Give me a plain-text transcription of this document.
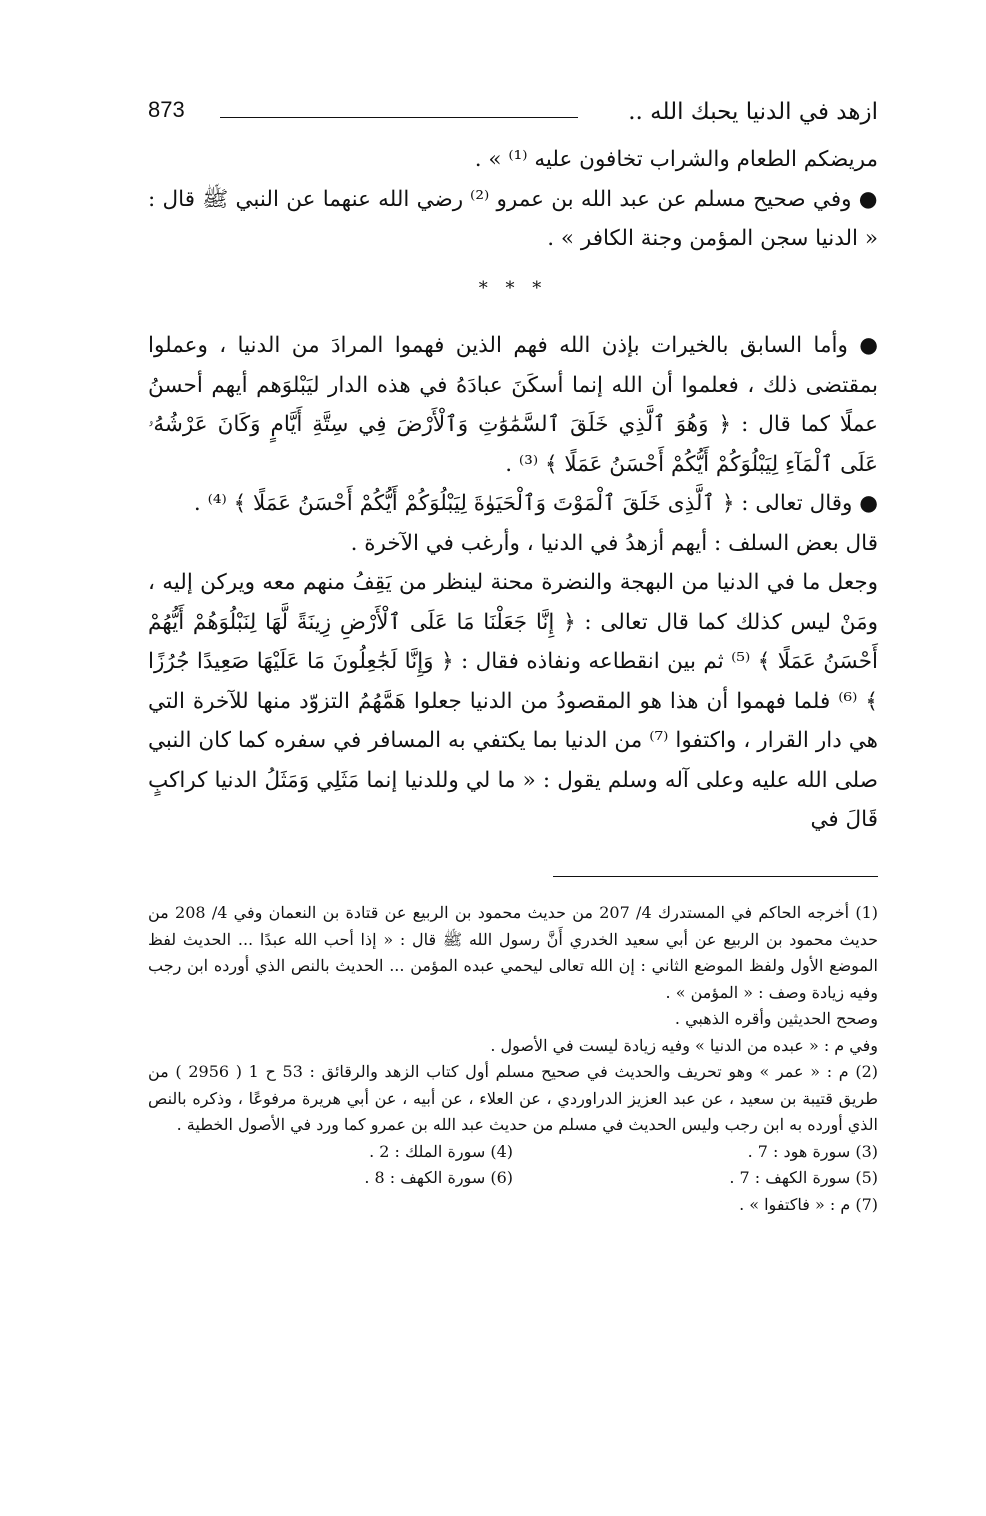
ازهد في الدنيا يحبك الله ..
873

مريضكم الطعام والشراب تخافون عليه ⁽¹⁾ » .

● وفي صحيح مسلم عن عبد الله بن عمرو ⁽²⁾ رضي الله عنهما عن النبي ﷺ قال : « الدنيا سجن المؤمن وجنة الكافر » .

* * *

● وأما السابق بالخيرات بإذن الله فهم الذين فهموا المرادَ من الدنيا ، وعملوا بمقتضى ذلك ، فعلموا أن الله إنما أسكَنَ عبادَهُ في هذه الدار ليَبْلوَهم أيهم أحسنُ عملًا كما قال : ﴿ وَهُوَ ٱلَّذِي خَلَقَ ٱلسَّمَٰوَٰتِ وَٱلْأَرْضَ فِي سِتَّةِ أَيَّامٍ وَكَانَ عَرْشُهُۥ عَلَى ٱلْمَآءِ لِيَبْلُوَكُمْ أَيُّكُمْ أَحْسَنُ عَمَلًا ﴾ ⁽³⁾ .

● وقال تعالى : ﴿ ٱلَّذِى خَلَقَ ٱلْمَوْتَ وَٱلْحَيَوٰةَ لِيَبْلُوَكُمْ أَيُّكُمْ أَحْسَنُ عَمَلًا ﴾ ⁽⁴⁾ .

قال بعض السلف : أيهم أزهدُ في الدنيا ، وأرغب في الآخرة .

وجعل ما في الدنيا من البهجة والنضرة محنة لينظر من يَقِفُ منهم معه ويركن إليه ، ومَنْ ليس كذلك كما قال تعالى : ﴿ إِنَّا جَعَلْنَا مَا عَلَى ٱلْأَرْضِ زِينَةً لَّهَا لِنَبْلُوَهُمْ أَيُّهُمْ أَحْسَنُ عَمَلًا ﴾ ⁽⁵⁾ ثم بين انقطاعه ونفاذه فقال : ﴿ وَإِنَّا لَجَٰعِلُونَ مَا عَلَيْهَا صَعِيدًا جُرُزًا ﴾ ⁽⁶⁾ فلما فهموا أن هذا هو المقصودُ من الدنيا جعلوا هَمَّهُمُ التزوّد منها للآخرة التي هي دار القرار ، واكتفوا ⁽⁷⁾ من الدنيا بما يكتفي به المسافر في سفره كما كان النبي صلى الله عليه وعلى آله وسلم يقول : « ما لي وللدنيا إنما مَثَلِي وَمَثَلُ الدنيا كراكبٍ قَالَ في

(1) أخرجه الحاكم في المستدرك 4/ 207 من حديث محمود بن الربيع عن قتادة بن النعمان وفي 4/ 208 من حديث محمود بن الربيع عن أبي سعيد الخدري أَنَّ رسول الله ﷺ قال : « إذا أحب الله عبدًا ... الحديث لفظ الموضع الأول ولفظ الموضع الثاني : إن الله تعالى ليحمي عبده المؤمن ... الحديث بالنص الذي أورده ابن رجب وفيه زيادة وصف : « المؤمن » .

وصحح الحديثين وأقره الذهبي .

وفي م : « عبده من الدنيا » وفيه زيادة ليست في الأصول .

(2) م : « عمر » وهو تحريف والحديث في صحيح مسلم أول كتاب الزهد والرقائق : 53 ح 1 ( 2956 ) من طريق قتيبة بن سعيد ، عن عبد العزيز الدراوردي ، عن العلاء ، عن أبيه ، عن أبي هريرة مرفوعًا ، وذكره بالنص الذي أورده به ابن رجب وليس الحديث في مسلم من حديث عبد الله بن عمرو كما ورد في الأصول الخطية .

(3) سورة هود : 7 .
(4) سورة الملك : 2 .
(5) سورة الكهف : 7 .
(6) سورة الكهف : 8 .

(7) م : « فاكتفوا » .
